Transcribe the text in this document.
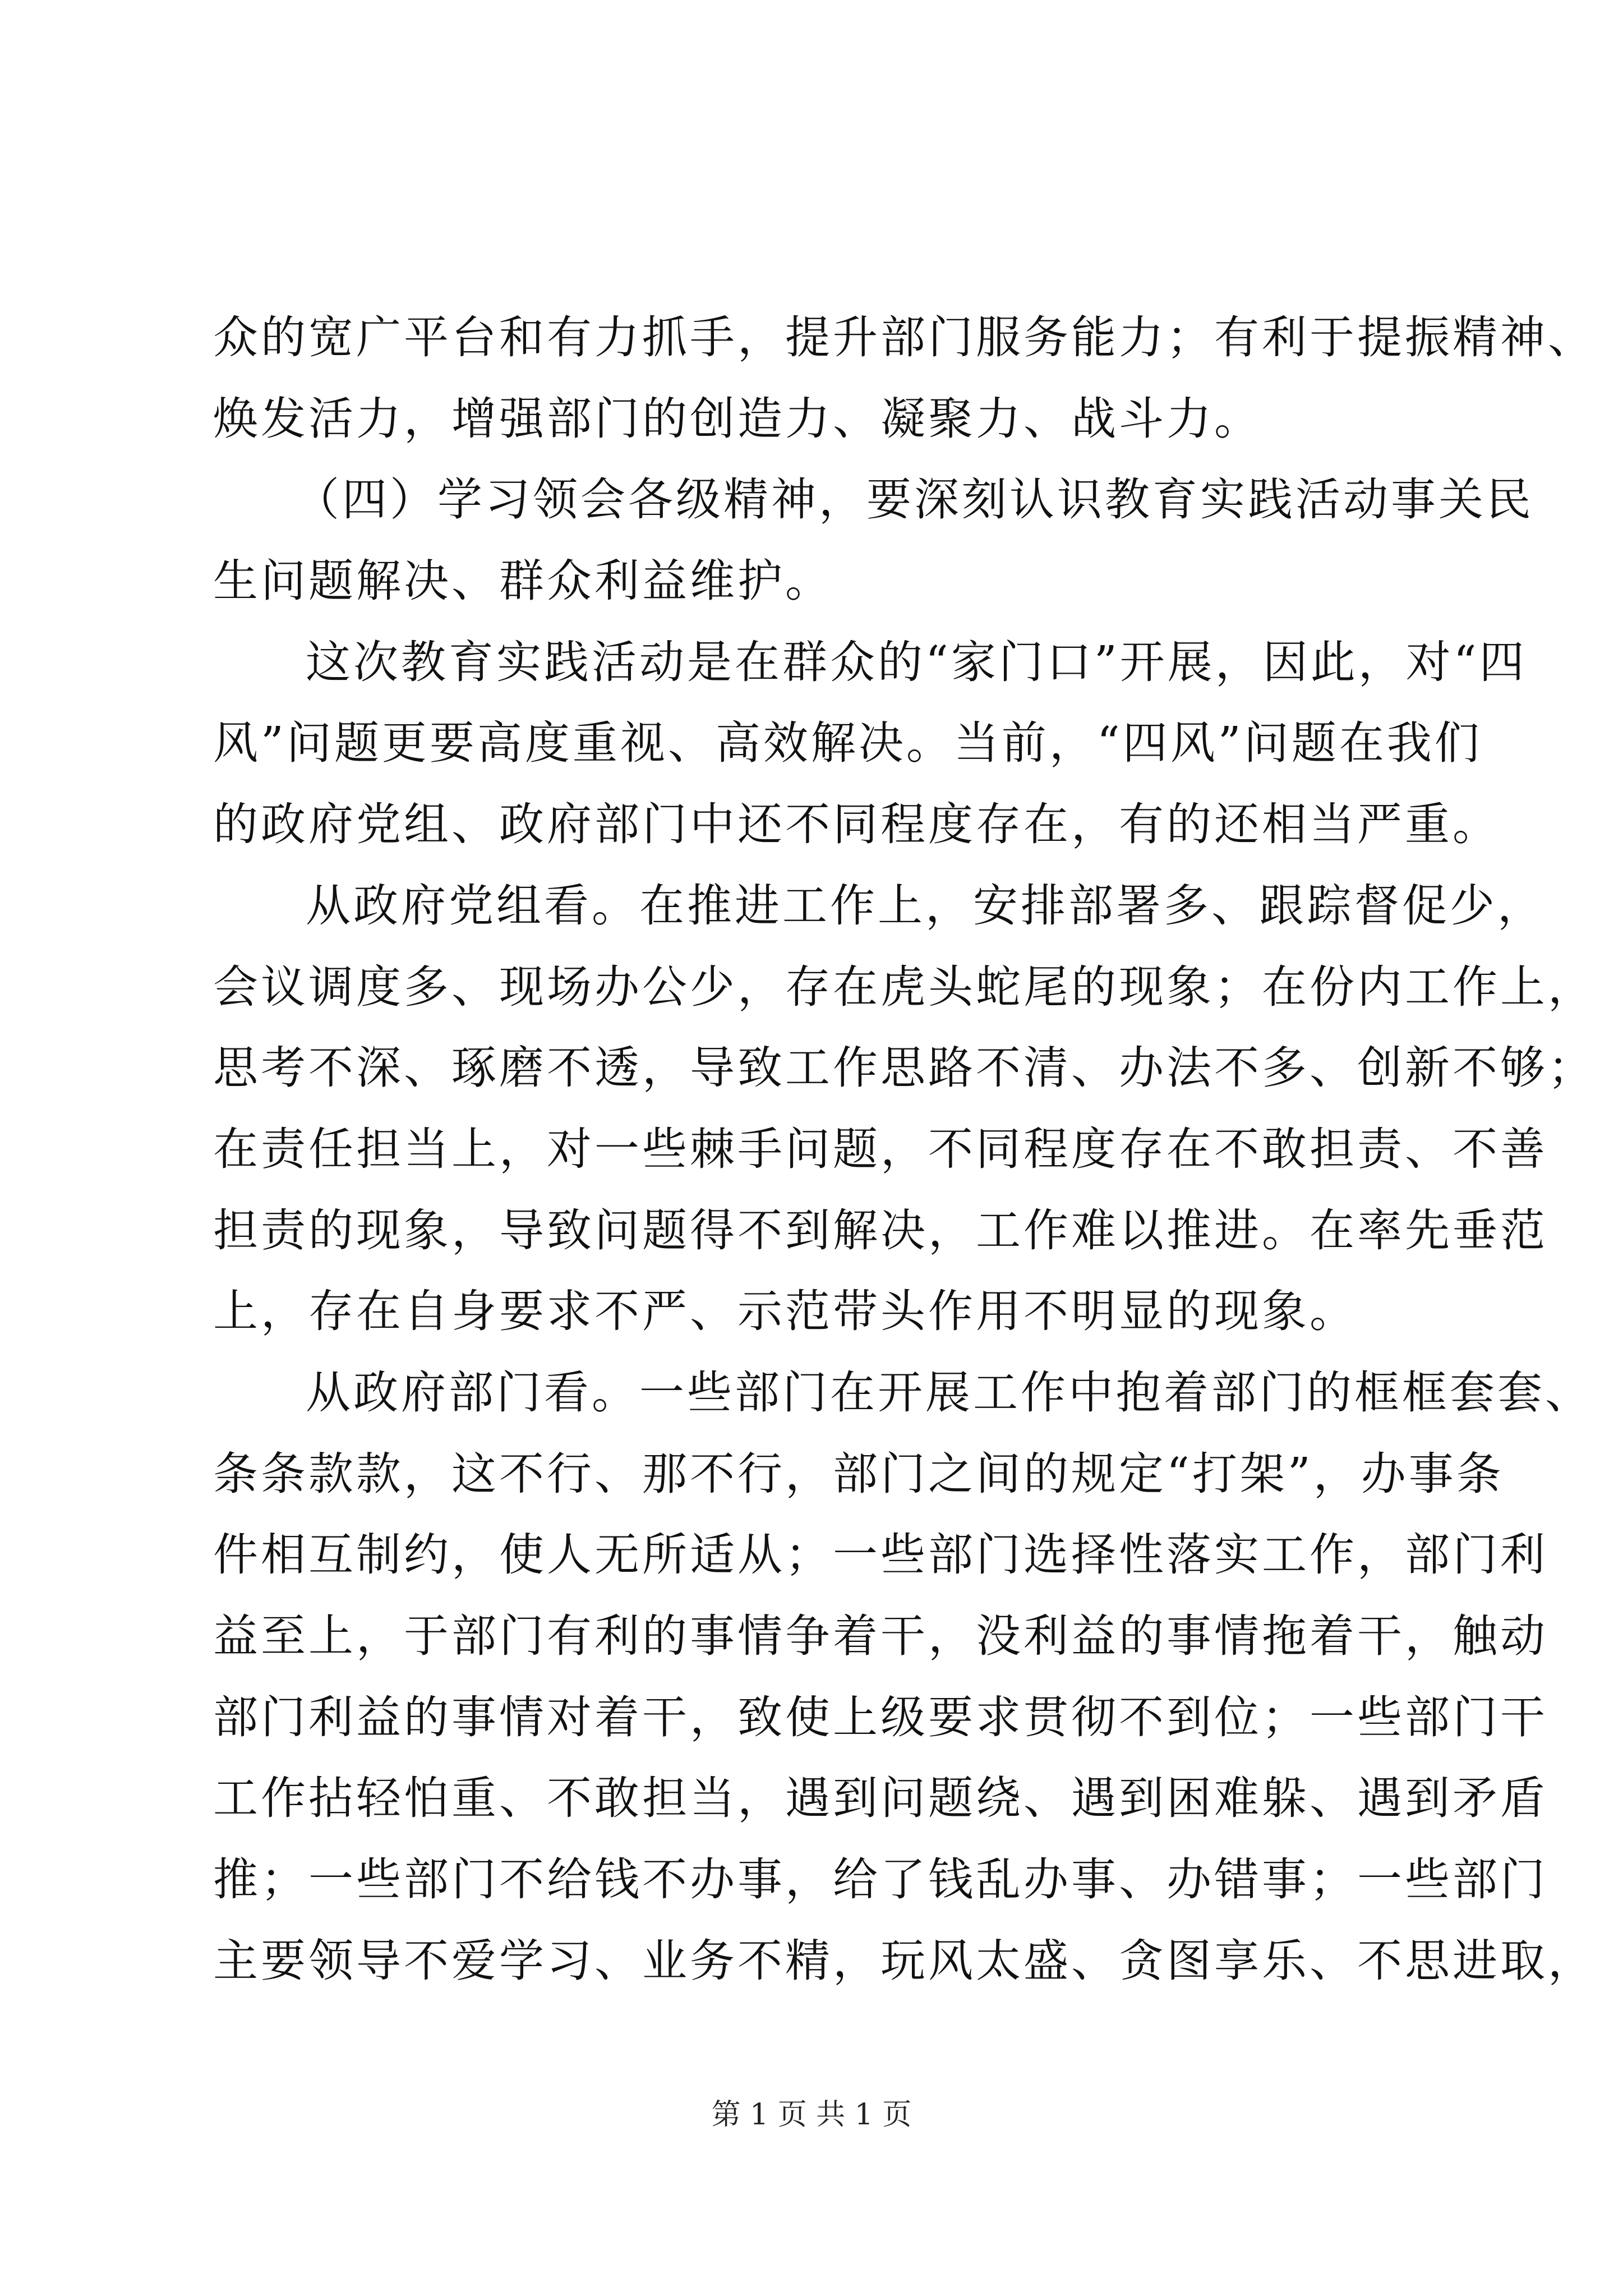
众的宽广平台和有力抓手，提升部门服务能力；有利于提振精神、
焕发活力，增强部门的创造力、凝聚力、战斗力。
（四）学习领会各级精神，要深刻认识教育实践活动事关民
生问题解决、群众利益维护。
这次教育实践活动是在群众的“家门口”开展，因此，对“四
风”问题更要高度重视、高效解决。当前，“四风”问题在我们
的政府党组、政府部门中还不同程度存在，有的还相当严重。
从政府党组看。在推进工作上，安排部署多、跟踪督促少，
会议调度多、现场办公少，存在虎头蛇尾的现象；在份内工作上，
思考不深、琢磨不透，导致工作思路不清、办法不多、创新不够；
在责任担当上，对一些棘手问题，不同程度存在不敢担责、不善
担责的现象，导致问题得不到解决，工作难以推进。在率先垂范
上，存在自身要求不严、示范带头作用不明显的现象。
从政府部门看。一些部门在开展工作中抱着部门的框框套套、
条条款款，这不行、那不行，部门之间的规定“打架”，办事条
件相互制约，使人无所适从；一些部门选择性落实工作，部门利
益至上，于部门有利的事情争着干，没利益的事情拖着干，触动
部门利益的事情对着干，致使上级要求贯彻不到位；一些部门干
工作拈轻怕重、不敢担当，遇到问题绕、遇到困难躲、遇到矛盾
推；一些部门不给钱不办事，给了钱乱办事、办错事；一些部门
主要领导不爱学习、业务不精，玩风太盛、贪图享乐、不思进取，
第 1 页 共 1 页
